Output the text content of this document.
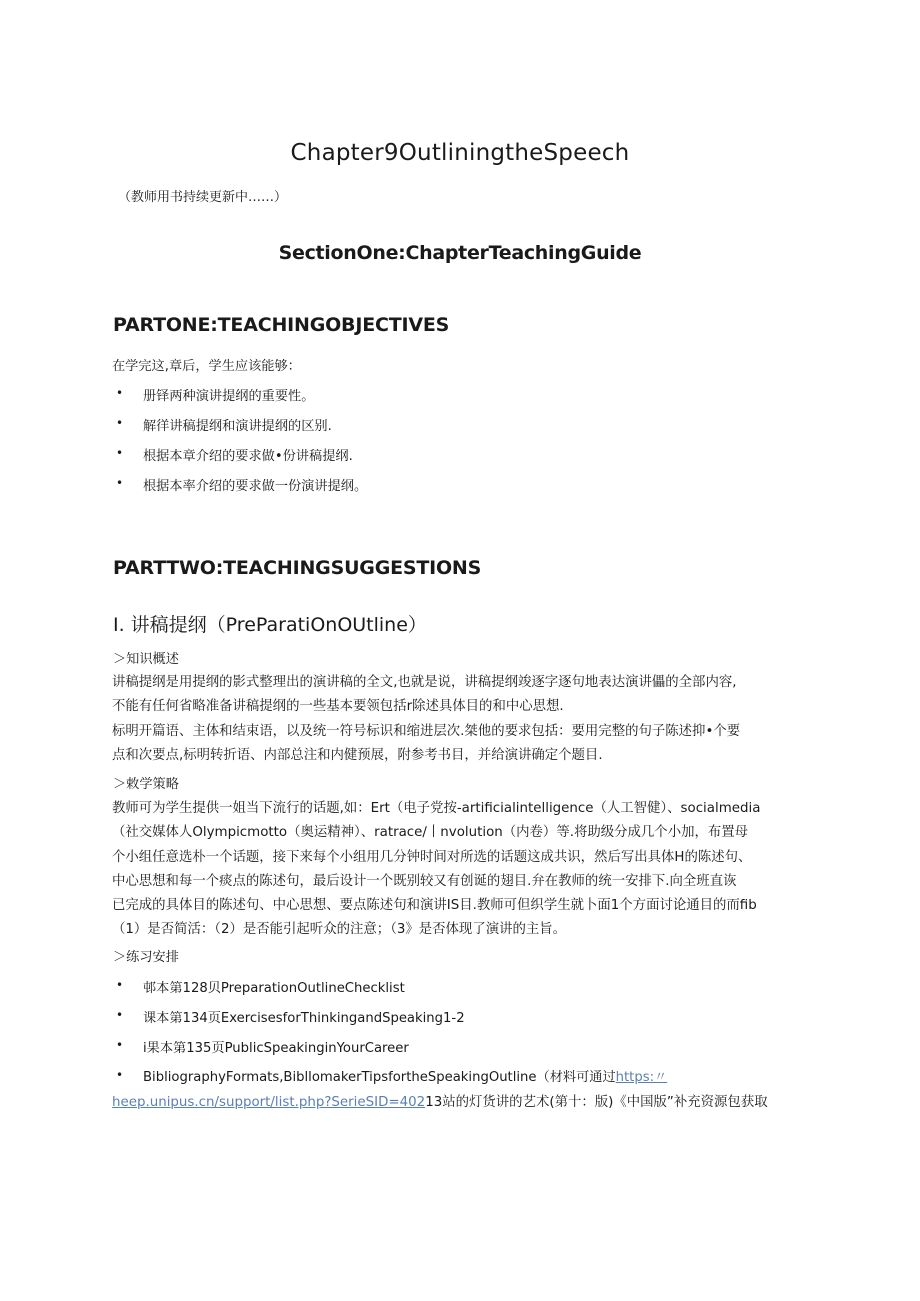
Chapter9OutliningtheSpeech
（教师用书持续更新中……）
SectionOne:ChapterTeachingGuide
PARTONE:TEACHINGOBJECTIVES
在学完这,章后，学生应该能够：
• 册铎两种演讲提纲的重要性。
• 解徉讲稿提纲和演讲提纲的区别.
• 根据本章介绍的要求做•份讲稿提纲.
• 根据本率介绍的要求做一份演讲提纲。
PARTTWO:TEACHINGSUGGESTIONS
I. 讲稿提纲（PreParatiOnOUtline）
＞知识概述
讲稿提纲是用提纲的影式整理出的演讲稿的全文,也就是说，讲稿提纲竣逐字逐句地表达演讲儡的全部内容,
不能有任何省略准备讲稿提纲的一些基本要领包括r除述具体目的和中心思想.
标明开篇语、主体和结束语，以及统一符号标识和缩进层次.桀他的要求包括：要用完整的句子陈述抑•个要
点和次要点,标明转折语、内部总注和内健预展，附参考书目，并给演讲确定个题目.
＞敕学策略
教师可为学生提供一姐当下流行的话题,如：Ert（电子党按-artificialintelligence（人工智健）、socialmedia
（社交媒体人Olympicmotto（奥运精神）、ratrace∕丨nvolution（内卷）等.将助级分成几个小加，布置母
个小组任意选朴一个话题，接下来每个小组用几分钟时间对所选的话题这成共识，然后写出具体H的陈述句、
中心思想和每一个痰点的陈述句，最后设计一个既别较又有创诞的翅目.弁在教师的统一安排下.向全班直诙
已完成的具体目的陈述句、中心思想、要点陈述句和演讲IS目.教师可但织学生就卜面1个方面讨论通目的而fib
（1）是否简活：（2）是否能引起听众的注意；（3》是否体现了演讲的主旨。
＞练习安排
• 邨本第128贝PreparationOutlineChecklist
• 课本第134页ExercisesforThinkingandSpeaking1-2
• i果本第135页PublicSpeakinginYourCareer
• BibliographyFormats,BibllomakerTipsfortheSpeakingOutline（材料可通过https:〃
heep.unipus.cn/support/list.php?SerieSID=40213站的灯货讲的艺术(第十：版)《中国版”补充资源包获取
